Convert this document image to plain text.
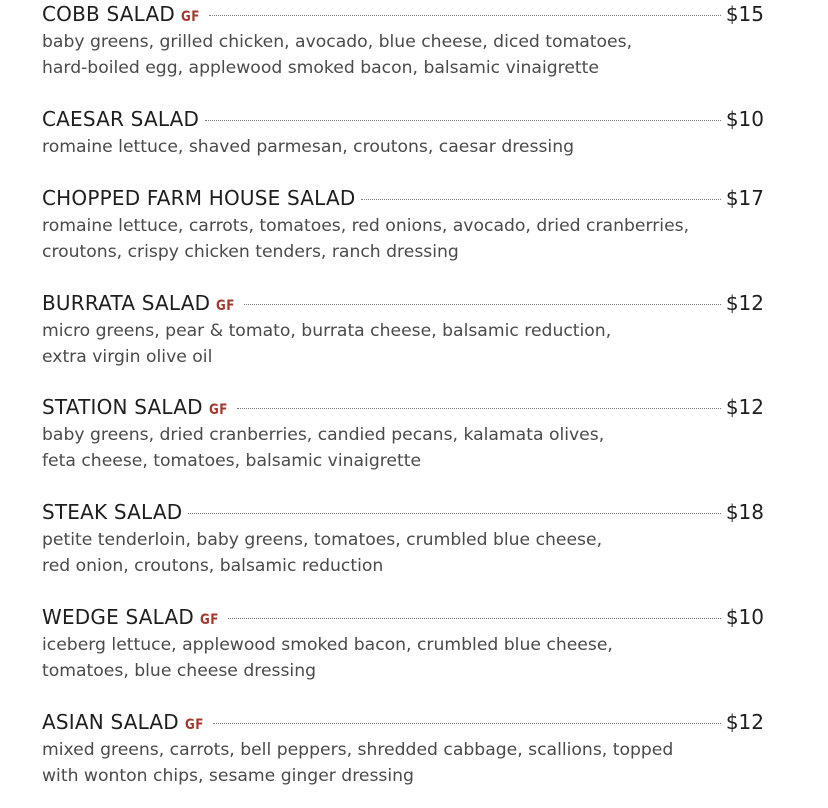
COBB SALAD GF	$15
baby greens, grilled chicken, avocado, blue cheese, diced tomatoes,
hard-boiled egg, applewood smoked bacon, balsamic vinaigrette
CAESAR SALAD	$10
romaine lettuce, shaved parmesan, croutons, caesar dressing
CHOPPED FARM HOUSE SALAD	$17
romaine lettuce, carrots, tomatoes, red onions, avocado, dried cranberries,
croutons, crispy chicken tenders, ranch dressing
BURRATA SALAD GF	$12
micro greens, pear & tomato, burrata cheese, balsamic reduction,
extra virgin olive oil
STATION SALAD GF	$12
baby greens, dried cranberries, candied pecans, kalamata olives,
feta cheese, tomatoes, balsamic vinaigrette
STEAK SALAD	$18
petite tenderloin, baby greens, tomatoes, crumbled blue cheese,
red onion, croutons, balsamic reduction
WEDGE SALAD GF	$10
iceberg lettuce, applewood smoked bacon, crumbled blue cheese,
tomatoes, blue cheese dressing
ASIAN SALAD GF	$12
mixed greens, carrots, bell peppers, shredded cabbage, scallions, topped
with wonton chips, sesame ginger dressing
